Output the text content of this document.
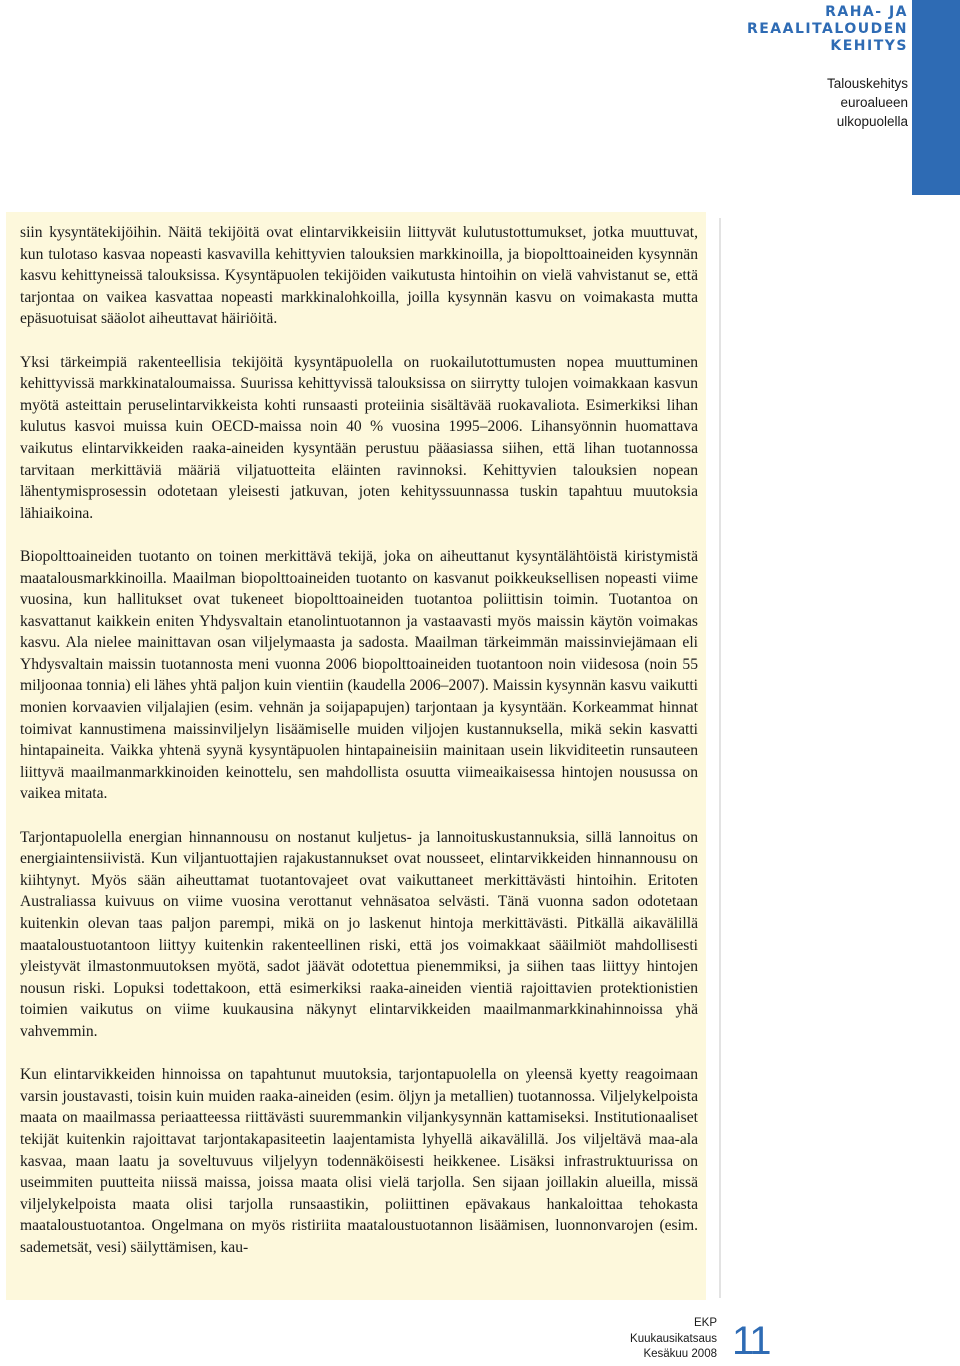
RAHA- JA
REAALITALOUDEN
KEHITYS
Talouskehitys
euroalueen
ulkopuolella

siin kysyntätekijöihin. Näitä tekijöitä ovat elintarvikkeisiin liittyvät kulutustottumukset, jotka muuttuvat, kun tulotaso kasvaa nopeasti kasvavilla kehittyvien talouksien markkinoilla, ja biopolttoaineiden kysynnän kasvu kehittyneissä talouksissa. Kysyntäpuolen tekijöiden vaikutusta hintoihin on vielä vahvistanut se, että tarjontaa on vaikea kasvattaa nopeasti markkinalohkoilla, joilla kysynnän kasvu on voimakasta mutta epäsuotuisat sääolot aiheuttavat häiriöitä.

Yksi tärkeimpiä rakenteellisia tekijöitä kysyntäpuolella on ruokailutottumusten nopea muuttuminen kehittyvissä markkinataloumaissa. Suurissa kehittyvissä talouksissa on siirrytty tulojen voimakkaan kasvun myötä asteittain peruselintarvikkeista kohti runsaasti proteiinia sisältävää ruokavaliota. Esimerkiksi lihan kulutus kasvoi muissa kuin OECD-maissa noin 40 % vuosina 1995–2006. Lihansyönnin huomattava vaikutus elintarvikkeiden raaka-aineiden kysyntään perustuu pääasiassa siihen, että lihan tuotannossa tarvitaan merkittäviä määriä viljatuotteita eläinten ravinnoksi. Kehittyvien talouksien nopean lähentymisprosessin odotetaan yleisesti jatkuvan, joten kehityssuunnassa tuskin tapahtuu muutoksia lähiaikoina.

Biopolttoaineiden tuotanto on toinen merkittävä tekijä, joka on aiheuttanut kysyntälähtöistä kiristymistä maatalousmarkkinoilla. Maailman biopolttoaineiden tuotanto on kasvanut poikkeuksellisen nopeasti viime vuosina, kun hallitukset ovat tukeneet biopolttoaineiden tuotantoa poliittisin toimin. Tuotantoa on kasvattanut kaikkein eniten Yhdysvaltain etanolintuotannon ja vastaavasti myös maissin käytön voimakas kasvu. Ala nielee mainittavan osan viljelymaasta ja sadosta. Maailman tärkeimmän maissinviejämaan eli Yhdysvaltain maissin tuotannosta meni vuonna 2006 biopolttoaineiden tuotantoon noin viidesosa (noin 55 miljoonaa tonnia) eli lähes yhtä paljon kuin vientiin (kaudella 2006–2007). Maissin kysynnän kasvu vaikutti monien korvaavien viljalajien (esim. vehnän ja soijapapujen) tarjontaan ja kysyntään. Korkeammat hinnat toimivat kannustimena maissinviljelyn lisäämiselle muiden viljojen kustannuksella, mikä sekin kasvatti hintapaineita. Vaikka yhtenä syynä kysyntäpuolen hintapaineisiin mainitaan usein likviditeetin runsauteen liittyvä maailmanmarkkinoiden keinottelu, sen mahdollista osuutta viimeaikaisessa hintojen nousussa on vaikea mitata.

Tarjontapuolella energian hinnannousu on nostanut kuljetus- ja lannoituskustannuksia, sillä lannoitus on energiaintensiivistä. Kun viljantuottajien rajakustannukset ovat nousseet, elintarvikkeiden hinnannousu on kiihtynyt. Myös sään aiheuttamat tuotantovajeet ovat vaikuttaneet merkittävästi hintoihin. Eritoten Australiassa kuivuus on viime vuosina verottanut vehnäsatoa selvästi. Tänä vuonna sadon odotetaan kuitenkin olevan taas paljon parempi, mikä on jo laskenut hintoja merkittävästi. Pitkällä aikavälillä maataloustuotantoon liittyy kuitenkin rakenteellinen riski, että jos voimakkaat sääilmiöt mahdollisesti yleistyvät ilmastonmuutoksen myötä, sadot jäävät odotettua pienemmiksi, ja siihen taas liittyy hintojen nousun riski. Lopuksi todettakoon, että esimerkiksi raaka-aineiden vientiä rajoittavien protektionistien toimien vaikutus on viime kuukausina näkynyt elintarvikkeiden maailmanmarkkinahinnoissa yhä vahvemmin.

Kun elintarvikkeiden hinnoissa on tapahtunut muutoksia, tarjontapuolella on yleensä kyetty reagoimaan varsin joustavasti, toisin kuin muiden raaka-aineiden (esim. öljyn ja metallien) tuotannossa. Viljelykelpoista maata on maailmassa periaatteessa riittävästi suuremmankin viljankysynnän kattamiseksi. Institutionaaliset tekijät kuitenkin rajoittavat tarjontakapasiteetin laajentamista lyhyellä aikavälillä. Jos viljeltävä maa-ala kasvaa, maan laatu ja soveltuvuus viljelyyn todennäköisesti heikkenee. Lisäksi infrastruktuurissa on useimmiten puutteita niissä maissa, joissa maata olisi vielä tarjolla. Sen sijaan joillakin alueilla, missä viljelykelpoista maata olisi tarjolla runsaastikin, poliittinen epävakaus hankaloittaa tehokasta maataloustuotantoa. Ongelmana on myös ristiriita maataloustuotannon lisäämisen, luonnonvarojen (esim. sademetsät, vesi) säilyttämisen, kau-

EKP
Kuukausikatsaus
Kesäkuu 2008 11
